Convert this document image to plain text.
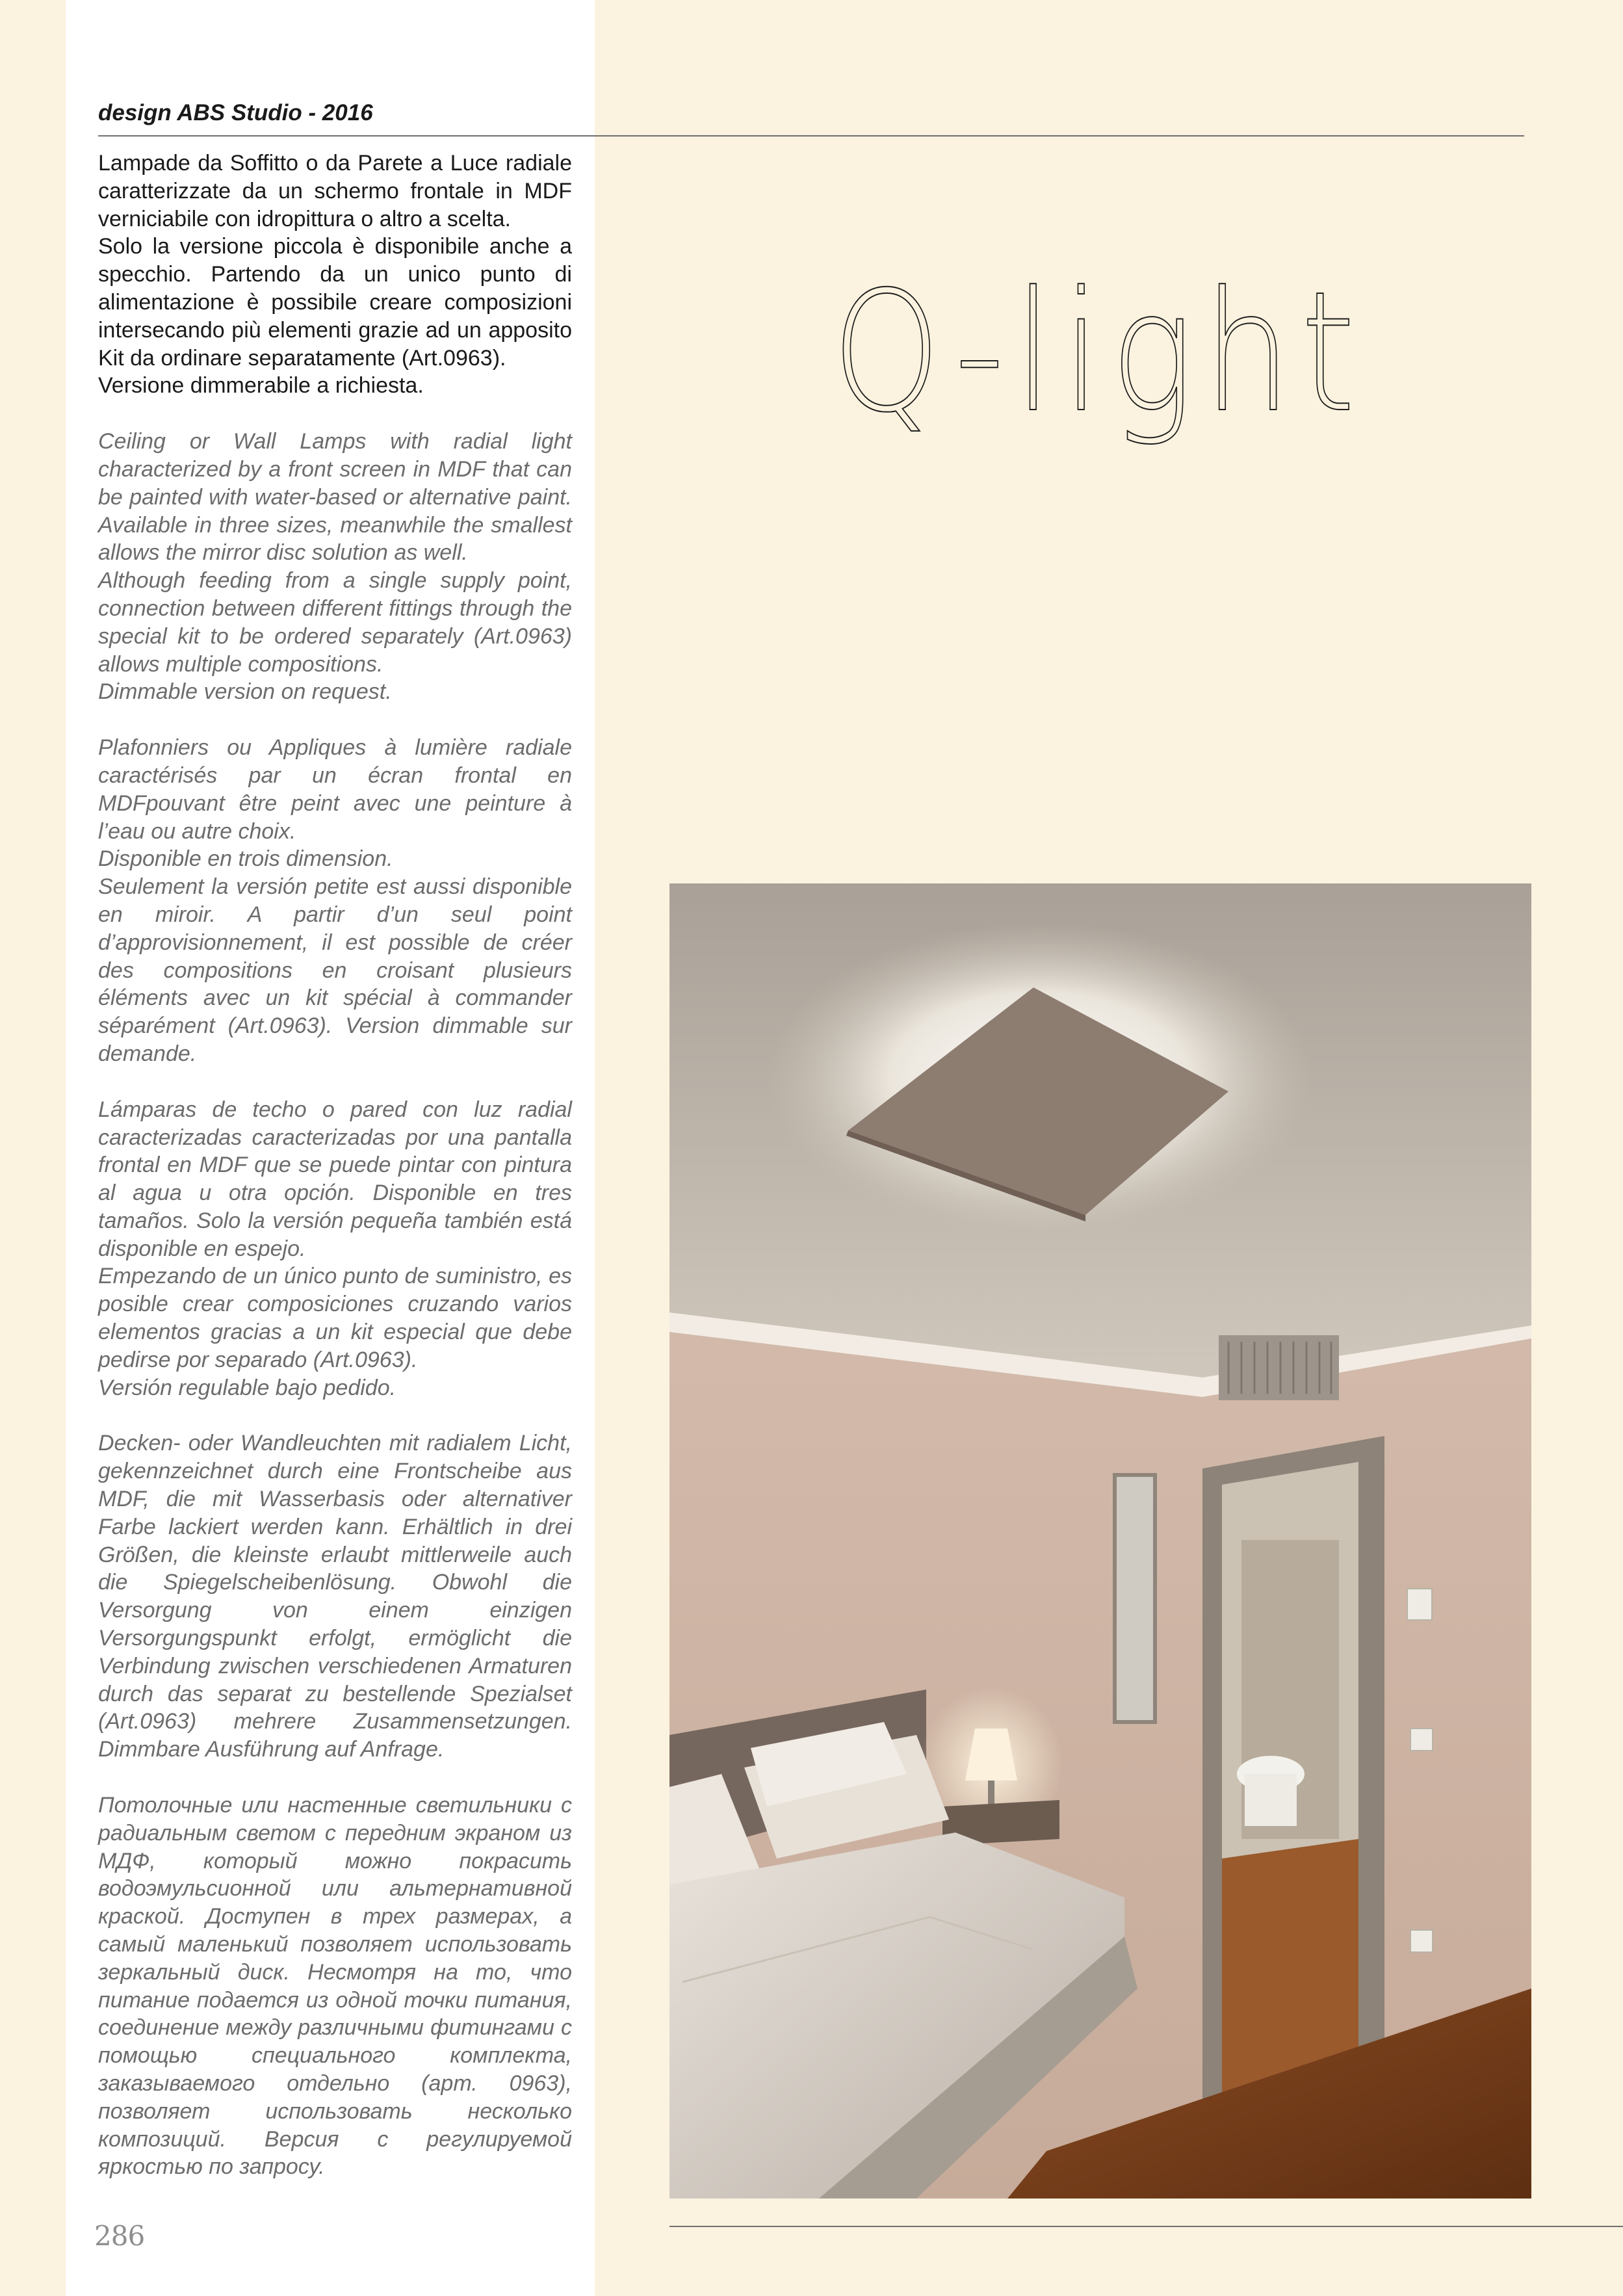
design ABS Studio - 2016

Lampade da Soffitto o da Parete a Luce radiale caratterizzate da un schermo frontale in MDF verniciabile con idropittura o altro a scelta.
Solo la versione piccola è disponibile anche a specchio. Partendo da un unico punto di alimentazione è possibile creare composizioni intersecando più elementi grazie ad un apposito Kit da ordinare separatamente (Art.0963).
Versione dimmerabile a richiesta.

Ceiling or Wall Lamps with radial light characterized by a front screen in MDF that can be painted with water-based or alternative paint. Available in three sizes, meanwhile the smallest allows the mirror disc solution as well.
Although feeding from a single supply point, connection between different fittings through the special kit to be ordered separately (Art.0963) allows multiple compositions.
Dimmable version on request.

Plafonniers ou Appliques à lumière radiale caractérisés par un écran frontal en MDFpouvant être peint avec une peinture à l’eau ou autre choix.
Disponible en trois dimension.
Seulement la versión petite est aussi disponible en miroir. A partir d’un seul point d’approvisionnement, il est possible de créer des compositions en croisant plusieurs éléments avec un kit spécial à commander séparément (Art.0963). Version dimmable sur demande.

Lámparas de techo o pared con luz radial caracterizadas caracterizadas por una pantalla frontal en MDF que se puede pintar con pintura al agua u otra opción. Disponible en tres tamaños. Solo la versión pequeña también está disponible en espejo.
Empezando de un único punto de suministro, es posible crear composiciones cruzando varios elementos gracias a un kit especial que debe pedirse por separado (Art.0963).
Versión regulable bajo pedido.

Decken- oder Wandleuchten mit radialem Licht, gekennzeichnet durch eine Frontscheibe aus MDF, die mit Wasserbasis oder alternativer Farbe lackiert werden kann. Erhältlich in drei Größen, die kleinste erlaubt mittlerweile auch die Spiegelscheibenlösung. Obwohl die Versorgung von einem einzigen Versorgungspunkt erfolgt, ermöglicht die Verbindung zwischen verschiedenen Armaturen durch das separat zu bestellende Spezialset (Art.0963) mehrere Zusammensetzungen. Dimmbare Ausführung auf Anfrage.

Потолочные или настенные светильники с радиальным светом с передним экраном из МДФ, который можно покрасить водоэмульсионной или альтернативной краской. Доступен в трех размерах, а самый маленький позволяет использовать зеркальный диск. Несмотря на то, что питание подается из одной точки питания, соединение между различными фитингами с помощью специального комплекта, заказываемого отдельно (арт. 0963), позволяет использовать несколько композиций. Версия с регулируемой яркостью по запросу.

Q-light

286
